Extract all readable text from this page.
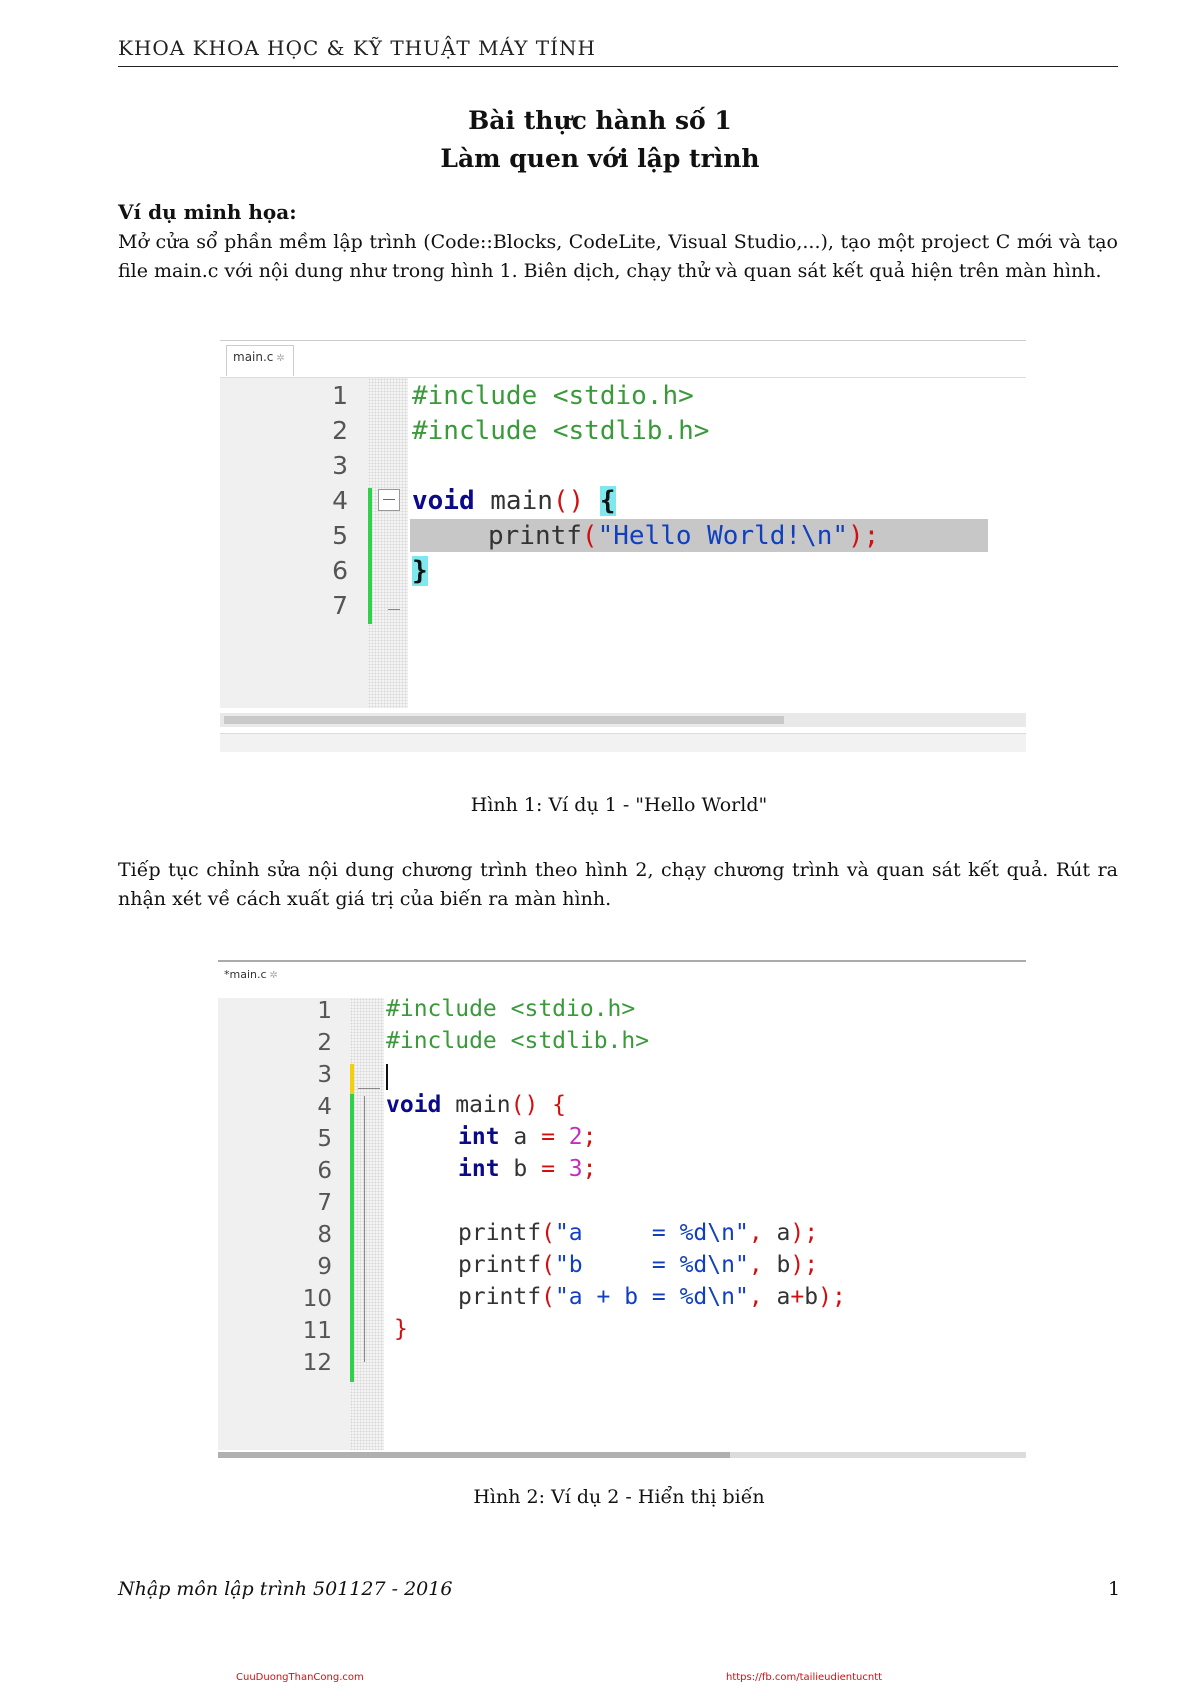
KHOA KHOA HỌC & KỸ THUẬT MÁY TÍNH
Bài thực hành số 1
Làm quen với lập trình
Ví dụ minh họa:
Mở cửa sổ phần mềm lập trình (Code::Blocks, CodeLite, Visual Studio,...), tạo một project C mới và tạo file main.c với nội dung như trong hình 1. Biên dịch, chạy thử và quan sát kết quả hiện trên màn hình.
main.c ✲
1
2
3
4
5
6
7
#include <stdio.h>
#include <stdlib.h>
void main() {
printf("Hello World!\n");
}
Hình 1: Ví dụ 1 - "Hello World"
Tiếp tục chỉnh sửa nội dung chương trình theo hình 2, chạy chương trình và quan sát kết quả. Rút ra nhận xét về cách xuất giá trị của biến ra màn hình.
*main.c ✲
1
2
3
4
5
6
7
8
9
10
11
12
#include <stdio.h>
#include <stdlib.h>
void main() {
int a = 2;
int b = 3;
printf("a     = %d\n", a);
printf("b     = %d\n", b);
printf("a + b = %d\n", a+b);
}
Hình 2: Ví dụ 2 - Hiển thị biến
Nhập môn lập trình 501127 - 2016	1
CuuDuongThanCong.com	https://fb.com/tailieudientucntt
